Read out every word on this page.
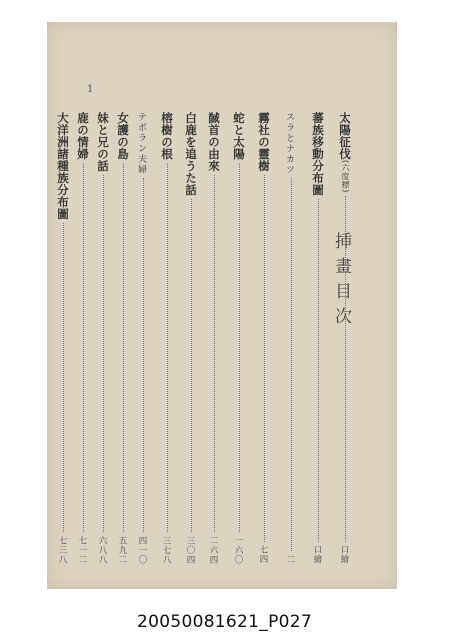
1
挿畫目次
太陽征伐(六度標)
口繪
蕃族移動分布圖
口繪
スラとナカツ
二
霧社の靈樹
七四
蛇と太陽
一六〇
馘首の由來
二六四
白鹿を追うた話
三〇四
榕樹の根
三七八
テボラン夫婦
四一〇
女護の島
五九二
妹と兄の話
六八八
鹿の情婦
七一二
大洋洲諸種族分布圖
七三八
20050081621_P027
